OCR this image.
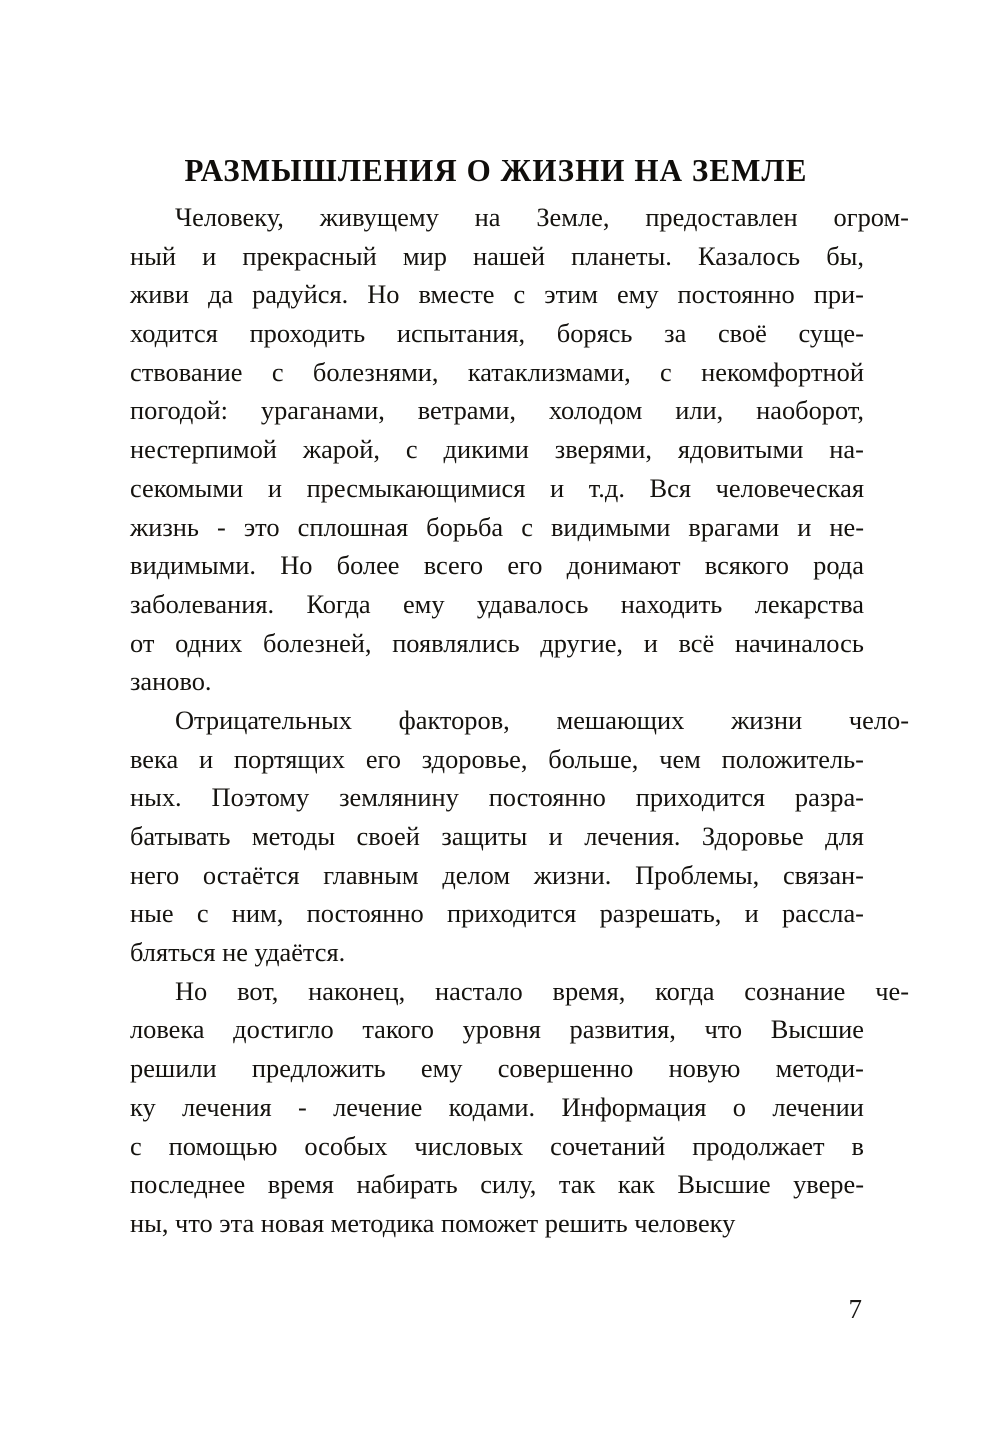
РАЗМЫШЛЕНИЯ О ЖИЗНИ НА ЗЕМЛЕ
Человеку, живущему на Земле, предоставлен огром-
ный и прекрасный мир нашей планеты. Казалось бы,
живи да радуйся. Но вместе с этим ему постоянно при-
ходится проходить испытания, борясь за своё суще-
ствование с болезнями, катаклизмами, с некомфортной
погодой: ураганами, ветрами, холодом или, наоборот,
нестерпимой жарой, с дикими зверями, ядовитыми на-
секомыми и пресмыкающимися и т.д. Вся человеческая
жизнь - это сплошная борьба с видимыми врагами и не-
видимыми. Но более всего его донимают всякого рода
заболевания. Когда ему удавалось находить лекарства
от одних болезней, появлялись другие, и всё начиналось
заново.
Отрицательных факторов, мешающих жизни чело-
века и портящих его здоровье, больше, чем положитель-
ных. Поэтому землянину постоянно приходится разра-
батывать методы своей защиты и лечения. Здоровье для
него остаётся главным делом жизни. Проблемы, связан-
ные с ним, постоянно приходится разрешать, и рассла-
бляться не удаётся.
Но вот, наконец, настало время, когда сознание че-
ловека достигло такого уровня развития, что Высшие
решили предложить ему совершенно новую методи-
ку лечения - лечение кодами. Информация о лечении
с помощью особых числовых сочетаний продолжает в
последнее время набирать силу, так как Высшие увере-
ны, что эта новая методика поможет решить человеку
7
